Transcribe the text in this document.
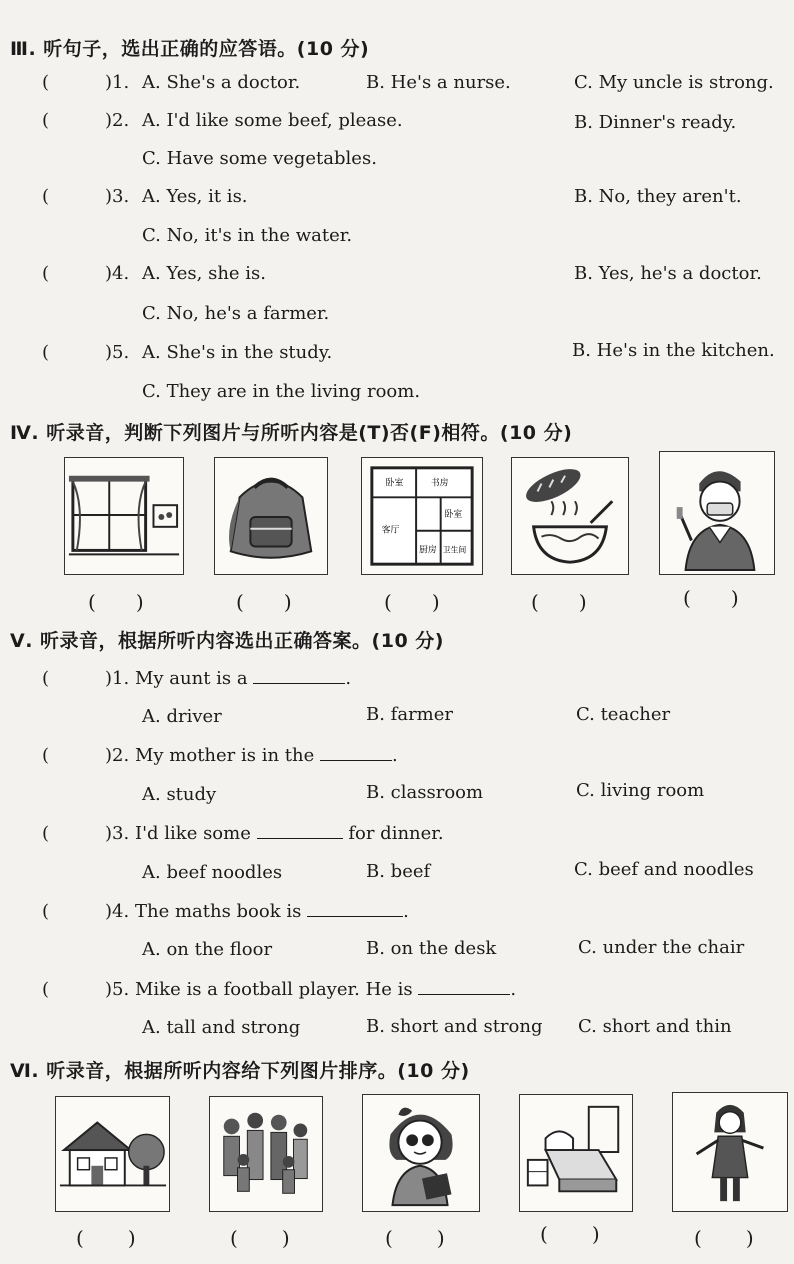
Ⅲ. 听句子，选出正确的应答语。(10 分)
(	)1. A. She's a doctor.	B. He's a nurse.	C. My uncle is strong.
(	)2. A. I'd like some beef, please.	B. Dinner's ready.
C. Have some vegetables.
(	)3. A. Yes, it is.	B. No, they aren't.
C. No, it's in the water.
(	)4. A. Yes, she is.	B. Yes, he's a doctor.
C. No, he's a farmer.
(	)5. A. She's in the study.	B. He's in the kitchen.
C. They are in the living room.
Ⅳ. 听录音，判断下列图片与所听内容是(T)否(F)相符。(10 分)
卧室	书房
客厅
卧室
厨房 卫生间
( )	( )	( )	( )	( )
Ⅴ. 听录音，根据所听内容选出正确答案。(10 分)
(	)1. My aunt is a	.
A. driver	B. farmer	C. teacher
(	)2. My mother is in the	.
A. study	B. classroom	C. living room
(	)3. I'd like some	for dinner.
A. beef noodles	B. beef	C. beef and noodles
(	)4. The maths book is	.
A. on the floor	B. on the desk	C. under the chair
(	)5. Mike is a football player. He is	.
A. tall and strong	B. short and strong C. short and thin
Ⅵ. 听录音，根据所听内容给下列图片排序。(10 分)
( )	( )	( )	( )	( )
